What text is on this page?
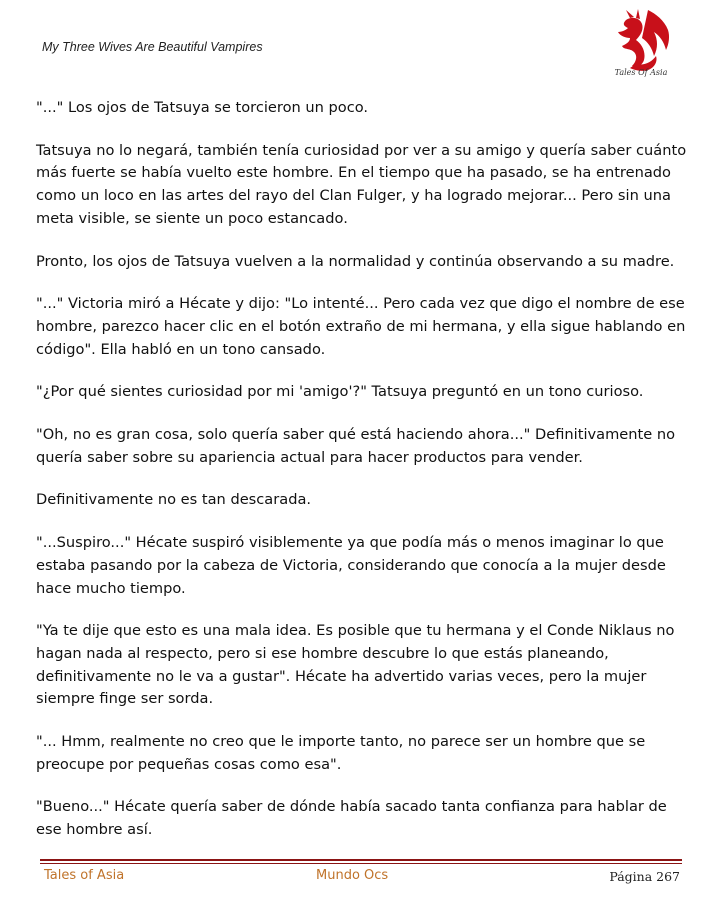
My Three Wives Are Beautiful Vampires
Tales Of Asia

"..." Los ojos de Tatsuya se torcieron un poco.

Tatsuya no lo negará, también tenía curiosidad por ver a su amigo y quería saber cuánto más fuerte se había vuelto este hombre. En el tiempo que ha pasado, se ha entrenado como un loco en las artes del rayo del Clan Fulger, y ha logrado mejorar... Pero sin una meta visible, se siente un poco estancado.

Pronto, los ojos de Tatsuya vuelven a la normalidad y continúa observando a su madre.

"..." Victoria miró a Hécate y dijo: "Lo intenté... Pero cada vez que digo el nombre de ese hombre, parezco hacer clic en el botón extraño de mi hermana, y ella sigue hablando en código". Ella habló en un tono cansado.

"¿Por qué sientes curiosidad por mi 'amigo'?" Tatsuya preguntó en un tono curioso.

"Oh, no es gran cosa, solo quería saber qué está haciendo ahora..." Definitivamente no quería saber sobre su apariencia actual para hacer productos para vender.

Definitivamente no es tan descarada.

"...Suspiro..." Hécate suspiró visiblemente ya que podía más o menos imaginar lo que estaba pasando por la cabeza de Victoria, considerando que conocía a la mujer desde hace mucho tiempo.

"Ya te dije que esto es una mala idea. Es posible que tu hermana y el Conde Niklaus no hagan nada al respecto, pero si ese hombre descubre lo que estás planeando, definitivamente no le va a gustar". Hécate ha advertido varias veces, pero la mujer siempre finge ser sorda.

"... Hmm, realmente no creo que le importe tanto, no parece ser un hombre que se preocupe por pequeñas cosas como esa".

"Bueno..." Hécate quería saber de dónde había sacado tanta confianza para hablar de ese hombre así.

Tales of Asia	Mundo Ocs	Página 267
